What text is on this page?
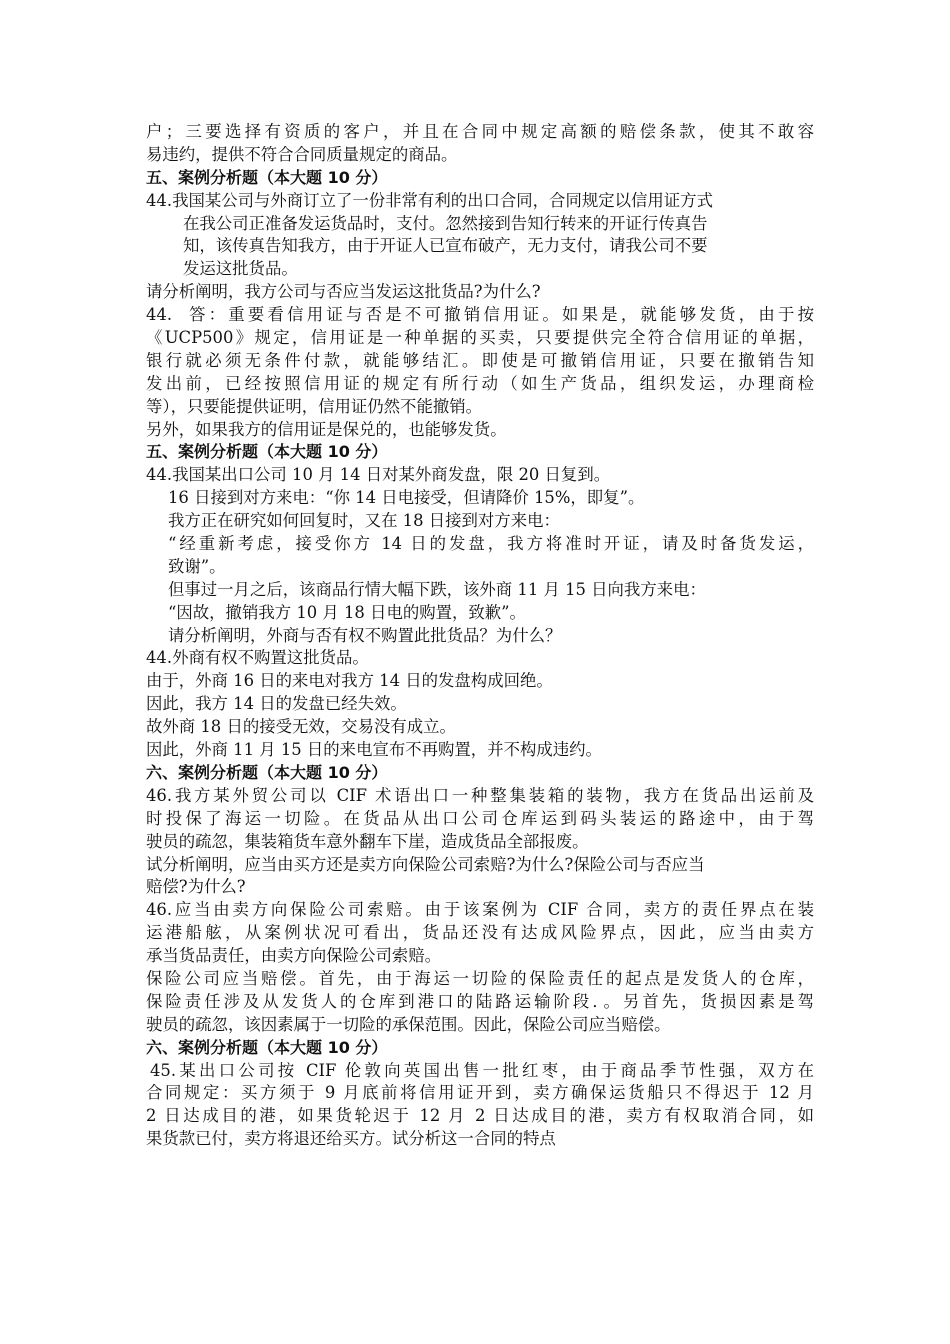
户；三要选择有资质的客户，并且在合同中规定高额的赔偿条款，使其不敢容
易违约，提供不符合合同质量规定的商品。
五、案例分析题（本大题 10 分）
44.我国某公司与外商订立了一份非常有利的出口合同，合同规定以信用证方式
在我公司正准备发运货品时，支付。忽然接到告知行转来的开证行传真告
知，该传真告知我方，由于开证人已宣布破产，无力支付，请我公司不要
发运这批货品。
请分析阐明，我方公司与否应当发运这批货品?为什么?
44.  答：重要看信用证与否是不可撤销信用证。如果是，就能够发货，由于按
《UCP500》规定，信用证是一种单据的买卖，只要提供完全符合信用证的单据，
银行就必须无条件付款，就能够结汇。即使是可撤销信用证，只要在撤销告知
发出前，已经按照信用证的规定有所行动（如生产货品，组织发运，办理商检
等），只要能提供证明，信用证仍然不能撤销。
另外，如果我方的信用证是保兑的，也能够发货。
五、案例分析题（本大题 10 分）
44.我国某出口公司 10 月 14 日对某外商发盘，限 20 日复到。
16 日接到对方来电：“你 14 日电接受，但请降价 15%，即复”。
我方正在研究如何回复时，又在 18 日接到对方来电：
“经重新考虑，接受你方 14 日的发盘，我方将准时开证，请及时备货发运，
致谢”。
但事过一月之后，该商品行情大幅下跌，该外商 11 月 15 日向我方来电：
“因故，撤销我方 10 月 18 日电的购置，致歉”。
请分析阐明，外商与否有权不购置此批货品？为什么？
44.外商有权不购置这批货品。
由于，外商 16 日的来电对我方 14 日的发盘构成回绝。
因此，我方 14 日的发盘已经失效。
故外商 18 日的接受无效，交易没有成立。
因此，外商 11 月 15 日的来电宣布不再购置，并不构成违约。
六、案例分析题（本大题 10 分）
46.我方某外贸公司以 CIF 术语出口一种整集装箱的装物，我方在货品出运前及
时投保了海运一切险。在货品从出口公司仓库运到码头装运的路途中，由于驾
驶员的疏忽，集装箱货车意外翻车下崖，造成货品全部报废。
试分析阐明，应当由买方还是卖方向保险公司索赔?为什么?保险公司与否应当
赔偿?为什么?
46.应当由卖方向保险公司索赔。由于该案例为 CIF 合同，卖方的责任界点在装
运港船舷，从案例状况可看出，货品还没有达成风险界点，因此，应当由卖方
承当货品责任，由卖方向保险公司索赔。
保险公司应当赔偿。首先，由于海运一切险的保险责任的起点是发货人的仓库，
保险责任涉及从发货人的仓库到港口的陆路运输阶段．。另首先，货损因素是驾
驶员的疏忽，该因素属于一切险的承保范围。因此，保险公司应当赔偿。
六、案例分析题（本大题 10 分）
45.某出口公司按 CIF 伦敦向英国出售一批红枣，由于商品季节性强，双方在
合同规定：买方须于 9 月底前将信用证开到，卖方确保运货船只不得迟于 12 月
2 日达成目的港，如果货轮迟于 12 月 2 日达成目的港，卖方有权取消合同，如
果货款已付，卖方将退还给买方。试分析这一合同的特点
